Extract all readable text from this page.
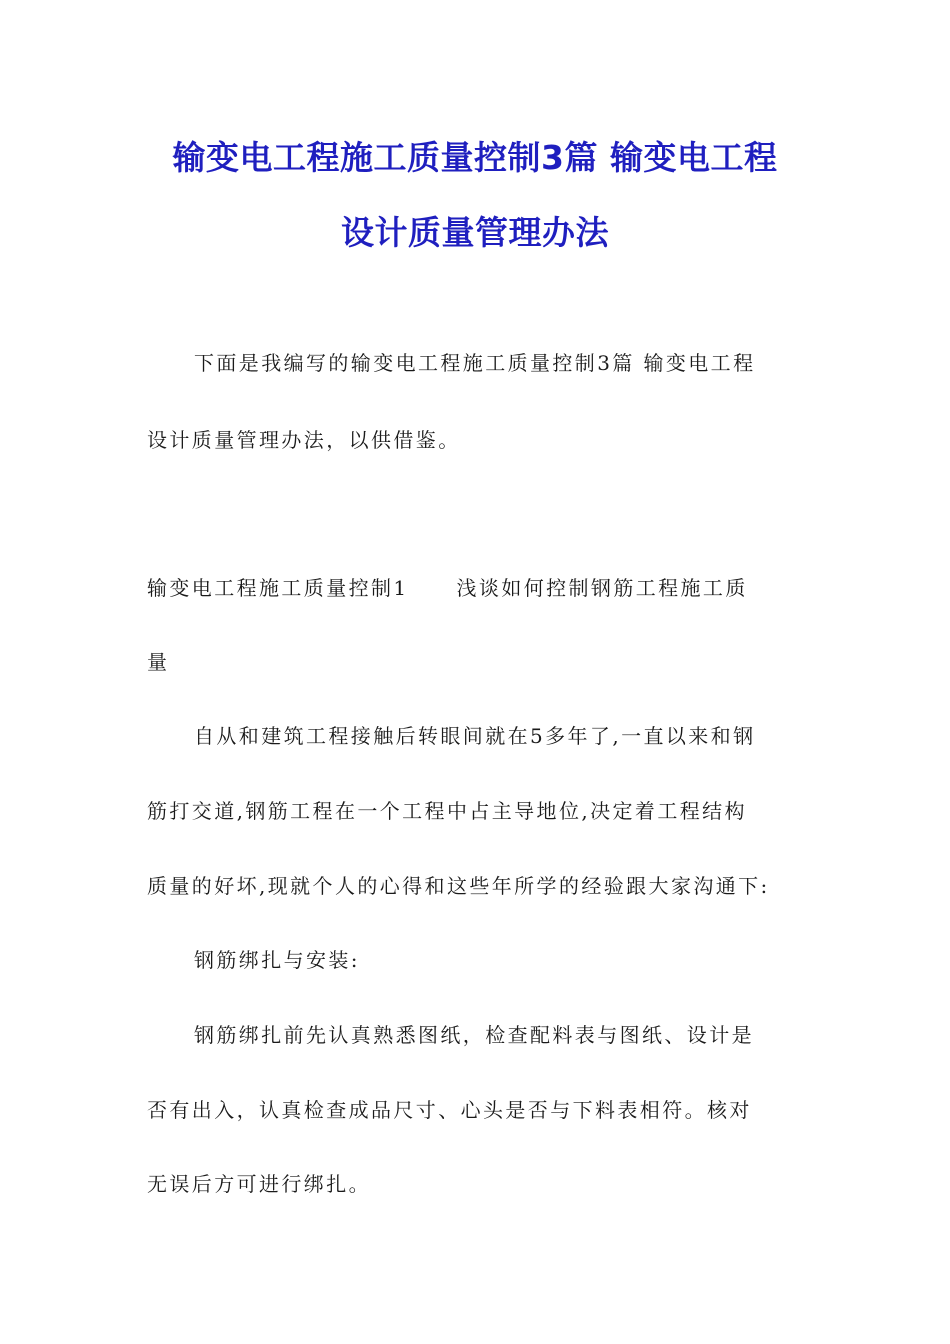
输变电工程施工质量控制3篇 输变电工程
设计质量管理办法
下面是我编写的输变电工程施工质量控制3篇 输变电工程
设计质量管理办法，以供借鉴。
输变电工程施工质量控制1 浅谈如何控制钢筋工程施工质
量
自从和建筑工程接触后转眼间就在5多年了,一直以来和钢
筋打交道,钢筋工程在一个工程中占主导地位,决定着工程结构
质量的好坏,现就个人的心得和这些年所学的经验跟大家沟通下:
钢筋绑扎与安装:
钢筋绑扎前先认真熟悉图纸，检查配料表与图纸、设计是
否有出入，认真检查成品尺寸、心头是否与下料表相符。核对
无误后方可进行绑扎。
